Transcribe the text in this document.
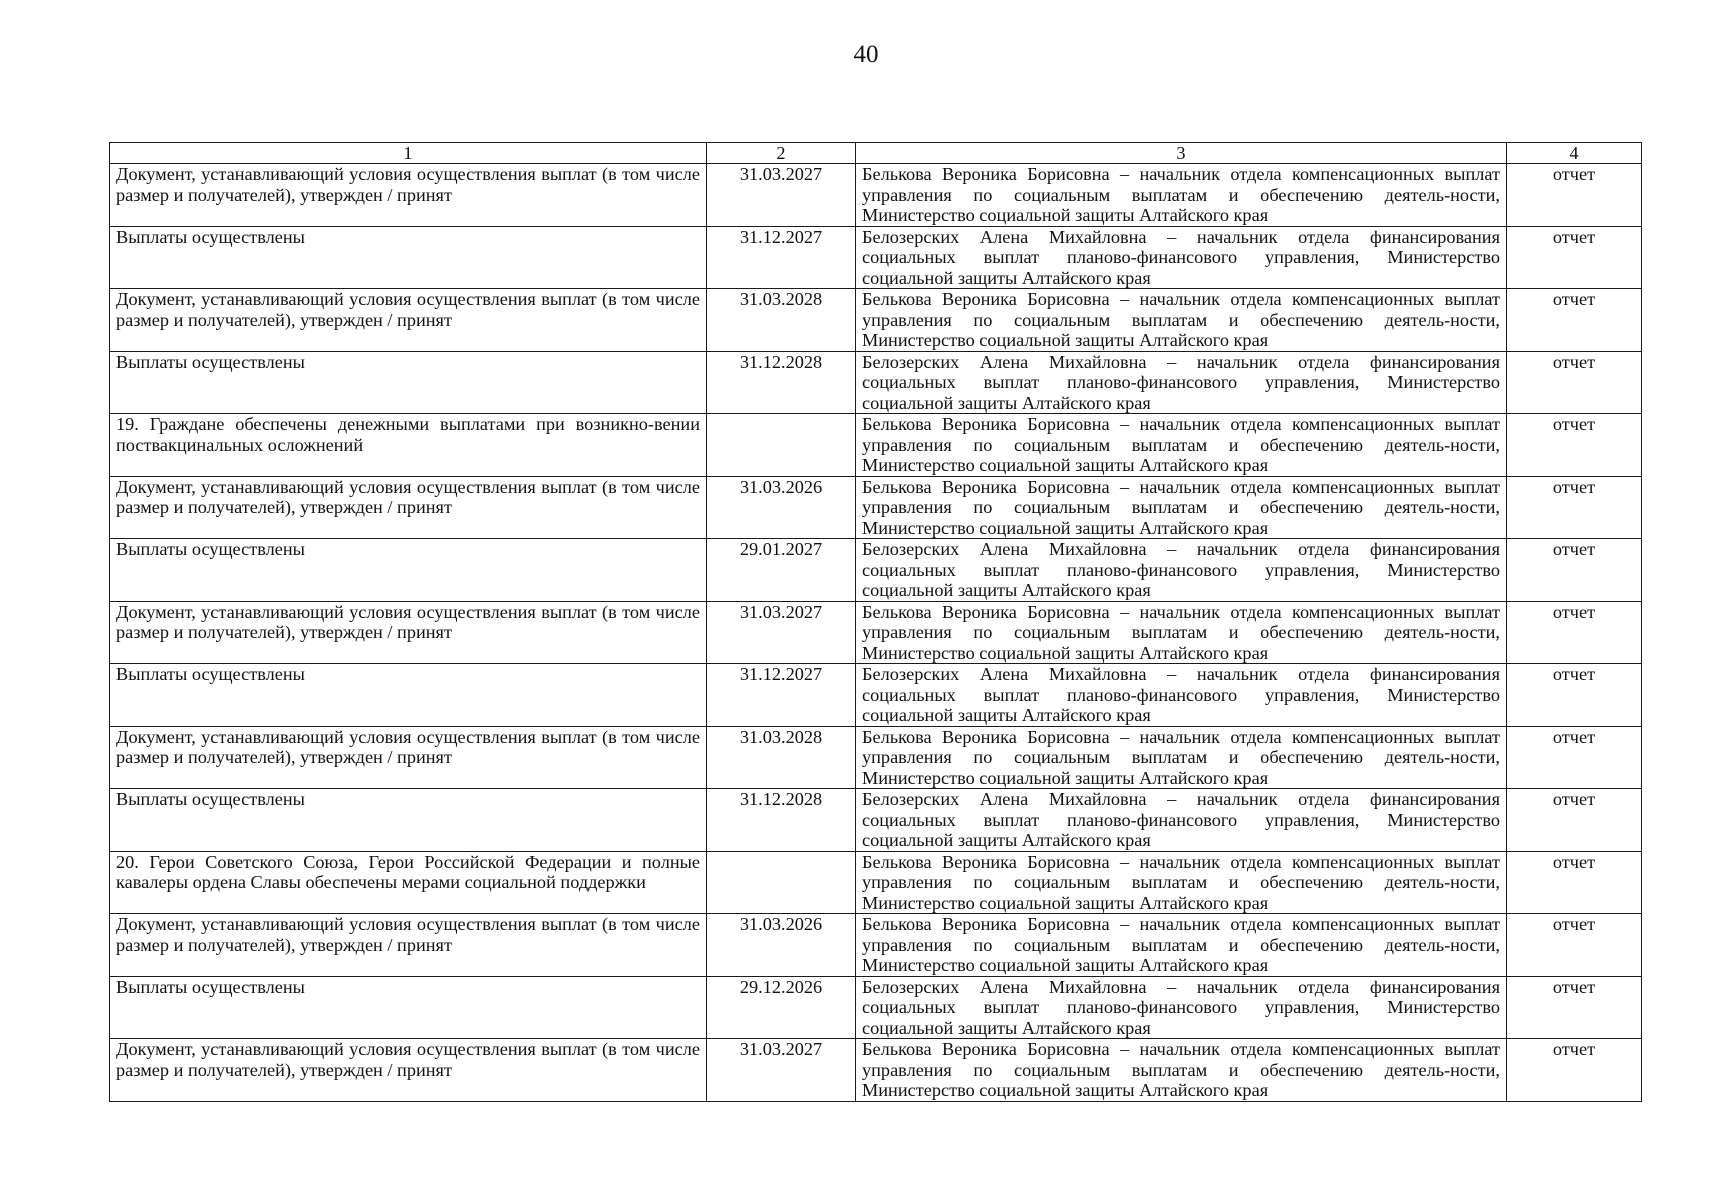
40
1	2	3	4
Документ, устанавливающий условия осуществления выплат (в том числе размер и получателей), утвержден / принят	31.03.2027	Белькова Вероника Борисовна – начальник отдела компенсационных выплат управления по социальным выплатам и обеспечению деятель-ности, Министерство социальной защиты Алтайского края	отчет
Выплаты осуществлены	31.12.2027	Белозерских Алена Михайловна – начальник отдела финансирования социальных выплат планово-финансового управления, Министерство социальной защиты Алтайского края	отчет
Документ, устанавливающий условия осуществления выплат (в том числе размер и получателей), утвержден / принят	31.03.2028	Белькова Вероника Борисовна – начальник отдела компенсационных выплат управления по социальным выплатам и обеспечению деятель-ности, Министерство социальной защиты Алтайского края	отчет
Выплаты осуществлены	31.12.2028	Белозерских Алена Михайловна – начальник отдела финансирования социальных выплат планово-финансового управления, Министерство социальной защиты Алтайского края	отчет
19. Граждане обеспечены денежными выплатами при возникно-вении поствакцинальных осложнений		Белькова Вероника Борисовна – начальник отдела компенсационных выплат управления по социальным выплатам и обеспечению деятель-ности, Министерство социальной защиты Алтайского края	отчет
Документ, устанавливающий условия осуществления выплат (в том числе размер и получателей), утвержден / принят	31.03.2026	Белькова Вероника Борисовна – начальник отдела компенсационных выплат управления по социальным выплатам и обеспечению деятель-ности, Министерство социальной защиты Алтайского края	отчет
Выплаты осуществлены	29.01.2027	Белозерских Алена Михайловна – начальник отдела финансирования социальных выплат планово-финансового управления, Министерство социальной защиты Алтайского края	отчет
Документ, устанавливающий условия осуществления выплат (в том числе размер и получателей), утвержден / принят	31.03.2027	Белькова Вероника Борисовна – начальник отдела компенсационных выплат управления по социальным выплатам и обеспечению деятель-ности, Министерство социальной защиты Алтайского края	отчет
Выплаты осуществлены	31.12.2027	Белозерских Алена Михайловна – начальник отдела финансирования социальных выплат планово-финансового управления, Министерство социальной защиты Алтайского края	отчет
Документ, устанавливающий условия осуществления выплат (в том числе размер и получателей), утвержден / принят	31.03.2028	Белькова Вероника Борисовна – начальник отдела компенсационных выплат управления по социальным выплатам и обеспечению деятель-ности, Министерство социальной защиты Алтайского края	отчет
Выплаты осуществлены	31.12.2028	Белозерских Алена Михайловна – начальник отдела финансирования социальных выплат планово-финансового управления, Министерство социальной защиты Алтайского края	отчет
20. Герои Советского Союза, Герои Российской Федерации и полные кавалеры ордена Славы обеспечены мерами социальной поддержки		Белькова Вероника Борисовна – начальник отдела компенсационных выплат управления по социальным выплатам и обеспечению деятель-ности, Министерство социальной защиты Алтайского края	отчет
Документ, устанавливающий условия осуществления выплат (в том числе размер и получателей), утвержден / принят	31.03.2026	Белькова Вероника Борисовна – начальник отдела компенсационных выплат управления по социальным выплатам и обеспечению деятель-ности, Министерство социальной защиты Алтайского края	отчет
Выплаты осуществлены	29.12.2026	Белозерских Алена Михайловна – начальник отдела финансирования социальных выплат планово-финансового управления, Министерство социальной защиты Алтайского края	отчет
Документ, устанавливающий условия осуществления выплат (в том числе размер и получателей), утвержден / принят	31.03.2027	Белькова Вероника Борисовна – начальник отдела компенсационных выплат управления по социальным выплатам и обеспечению деятель-ности, Министерство социальной защиты Алтайского края	отчет
